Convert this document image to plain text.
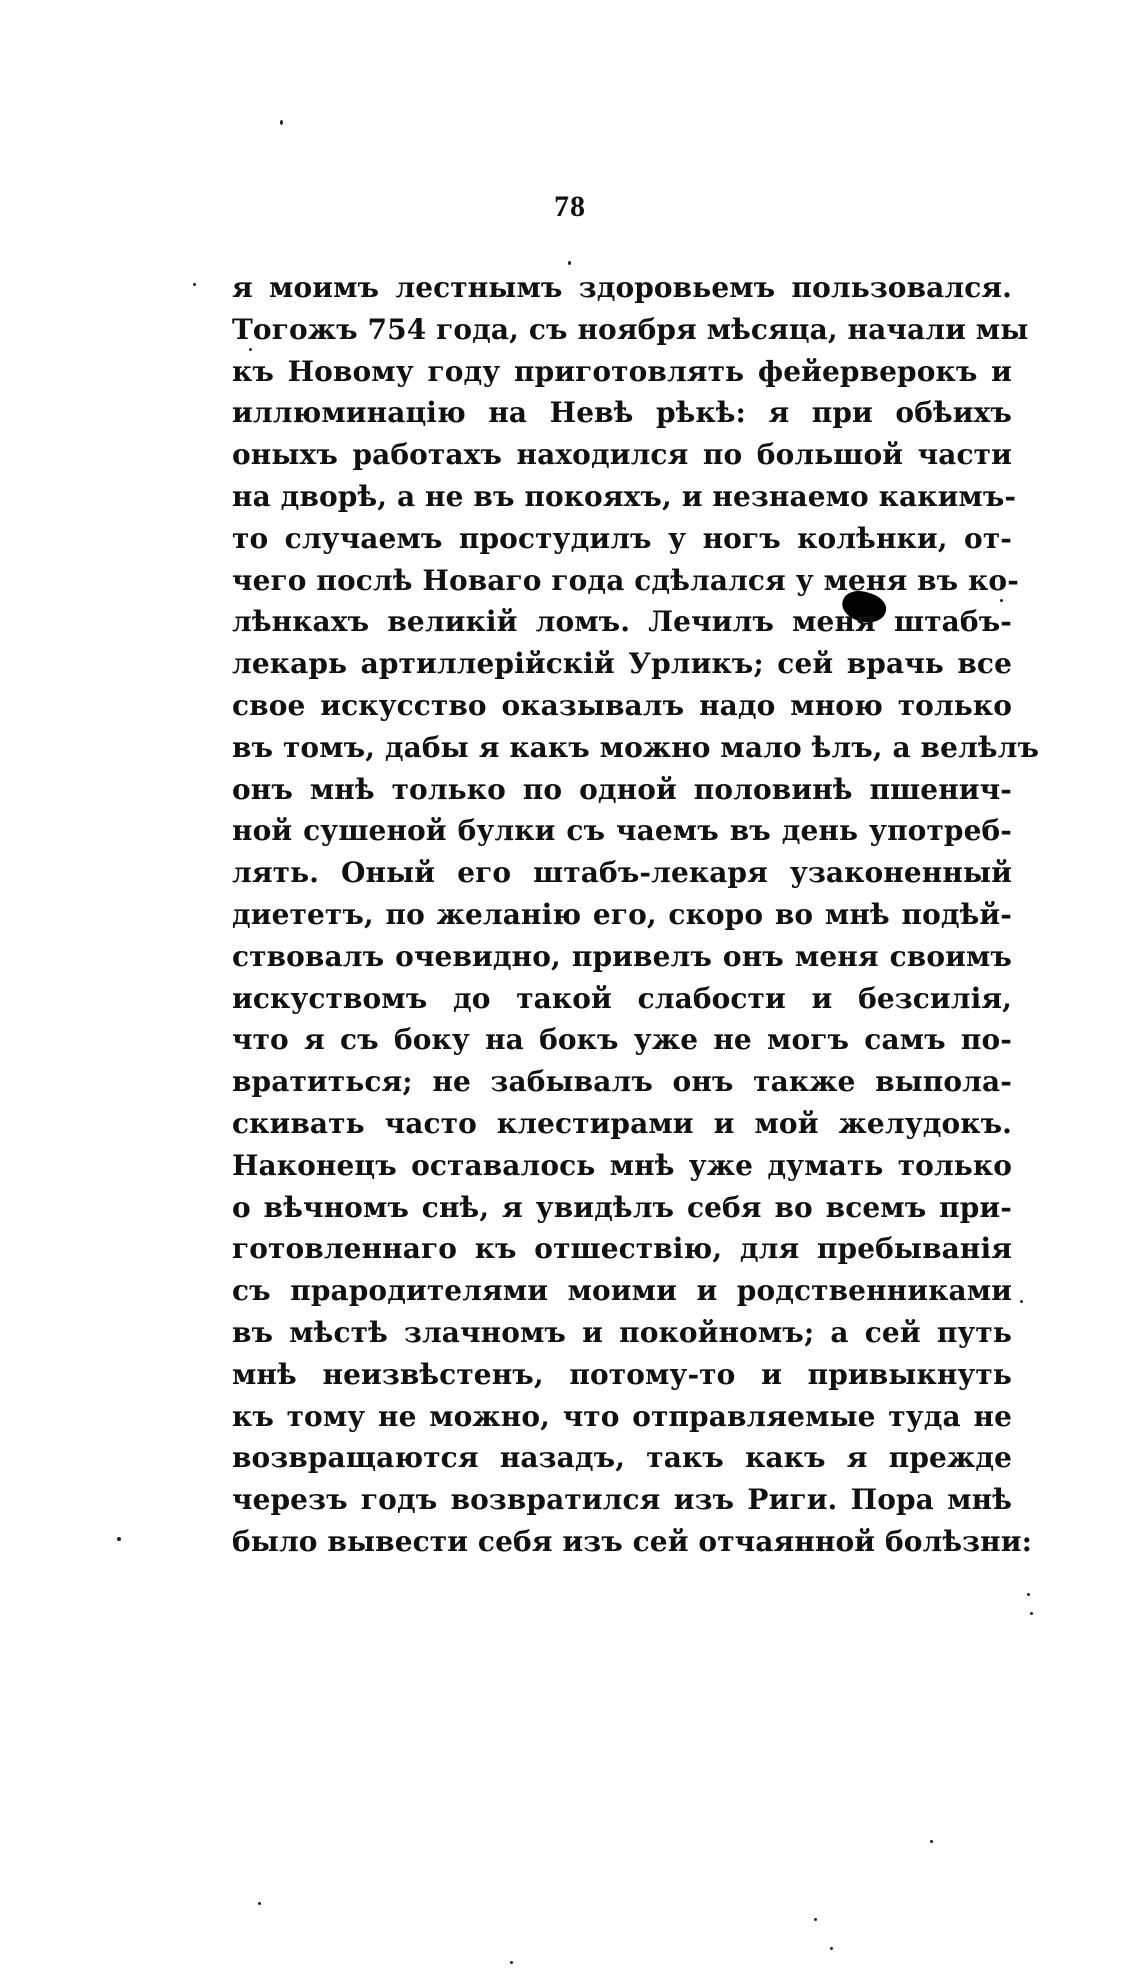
78
я моимъ лестнымъ здоровьемъ пользовался.
Тогожъ 754 года, съ ноября мѣсяца, начали мы
къ Новому году приготовлять фейерверокъ и
иллюминацію на Невѣ рѣкѣ: я при обѣихъ
оныхъ работахъ находился по большой части
на дворѣ, а не въ покояхъ, и незнаемо какимъ-
то случаемъ простудилъ у ногъ колѣнки, от-
чего послѣ Новаго года сдѣлался у меня въ ко-
лѣнкахъ великій ломъ. Лечилъ меня штабъ-
лекарь артиллерійскій Урликъ; сей врачь все
свое искусство оказывалъ надо мною только
въ томъ, дабы я какъ можно мало ѣлъ, а велѣлъ
онъ мнѣ только по одной половинѣ пшенич-
ной сушеной булки съ чаемъ въ день употреб-
лять. Оный его штабъ-лекаря узаконенный
диететъ, по желанію его, скоро во мнѣ подѣй-
ствовалъ очевидно, привелъ онъ меня своимъ
искуствомъ до такой слабости и безсилія,
что я съ боку на бокъ уже не могъ самъ по-
вратиться; не забывалъ онъ также выпола-
скивать часто клестирами и мой желудокъ.
Наконецъ оставалось мнѣ уже думать только
о вѣчномъ снѣ, я увидѣлъ себя во всемъ при-
готовленнаго къ отшествію, для пребыванія
съ прародителями моими и родственниками
въ мѣстѣ злачномъ и покойномъ; а сей путь
мнѣ неизвѣстенъ, потому-то и привыкнуть
къ тому не можно, что отправляемые туда не
возвращаются назадъ, такъ какъ я прежде
черезъ годъ возвратился изъ Риги. Пора мнѣ
было вывести себя изъ сей отчаянной болѣзни:
